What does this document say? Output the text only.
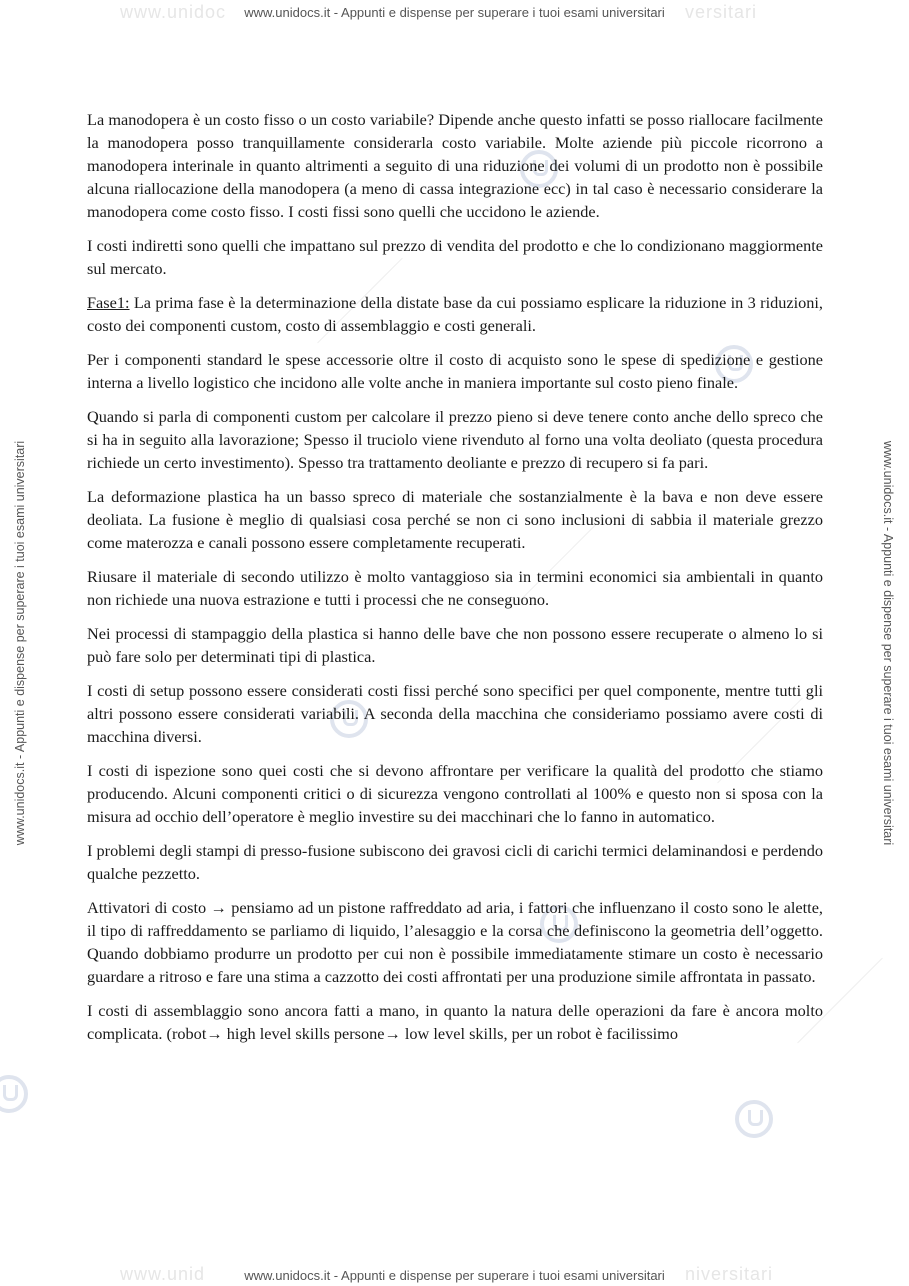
www.unidoc	versitari
www.unid	niversitari
www.unidocs.it - Appunti e dispense per superare i tuoi esami universitari
www.unidocs.it - Appunti e dispense per superare i tuoi esami universitari
www.unidocs.it - Appunti e dispense per superare i tuoi esami universitari	www.unidocs.it - Appunti e dispense per superare i tuoi esami universitari

La manodopera è un costo fisso o un costo variabile? Dipende anche questo infatti se posso riallocare facilmente la manodopera posso tranquillamente considerarla costo variabile. Molte aziende più piccole ricorrono a manodopera interinale in quanto altrimenti a seguito di una riduzione dei volumi di un prodotto non è possibile alcuna riallocazione della manodopera (a meno di cassa integrazione ecc) in tal caso è necessario considerare la manodopera come costo fisso. I costi fissi sono quelli che uccidono le aziende.

I costi indiretti sono quelli che impattano sul prezzo di vendita del prodotto e che lo condizionano maggiormente sul mercato.

Fase1: La prima fase è la determinazione della distate base da cui possiamo esplicare la riduzione in 3 riduzioni, costo dei componenti custom, costo di assemblaggio e costi generali.

Per i componenti standard le spese accessorie oltre il costo di acquisto sono le spese di spedizione e gestione interna a livello logistico che incidono alle volte anche in maniera importante sul costo pieno finale.

Quando si parla di componenti custom per calcolare il prezzo pieno si deve tenere conto anche dello spreco che si ha in seguito alla lavorazione; Spesso il truciolo viene rivenduto al forno una volta deoliato (questa procedura richiede un certo investimento). Spesso tra trattamento deoliante e prezzo di recupero si fa pari.

La deformazione plastica ha un basso spreco di materiale che sostanzialmente è la bava e non deve essere deoliata. La fusione è meglio di qualsiasi cosa perché se non ci sono inclusioni di sabbia il materiale grezzo come materozza e canali possono essere completamente recuperati.

Riusare il materiale di secondo utilizzo è molto vantaggioso sia in termini economici sia ambientali in quanto non richiede una nuova estrazione e tutti i processi che ne conseguono.

Nei processi di stampaggio della plastica si hanno delle bave che non possono essere recuperate o almeno lo si può fare solo per determinati tipi di plastica.

I costi di setup possono essere considerati costi fissi perché sono specifici per quel componente, mentre tutti gli altri possono essere considerati variabili. A seconda della macchina che consideriamo possiamo avere costi di macchina diversi.

I costi di ispezione sono quei costi che si devono affrontare per verificare la qualità del prodotto che stiamo producendo. Alcuni componenti critici o di sicurezza vengono controllati al 100% e questo non si sposa con la misura ad occhio dell’operatore è meglio investire su dei macchinari che lo fanno in automatico.

I problemi degli stampi di presso-fusione subiscono dei gravosi cicli di carichi termici delaminandosi e perdendo qualche pezzetto.

Attivatori di costo → pensiamo ad un pistone raffreddato ad aria, i fattori che influenzano il costo sono le alette, il tipo di raffreddamento se parliamo di liquido, l’alesaggio e la corsa che definiscono la geometria dell’oggetto. Quando dobbiamo produrre un prodotto per cui non è possibile immediatamente stimare un costo è necessario guardare a ritroso e fare una stima a cazzotto dei costi affrontati per una produzione simile affrontata in passato.

I costi di assemblaggio sono ancora fatti a mano, in quanto la natura delle operazioni da fare è ancora molto complicata. (robot→ high level skills persone→ low level skills, per un robot è facilissimo
